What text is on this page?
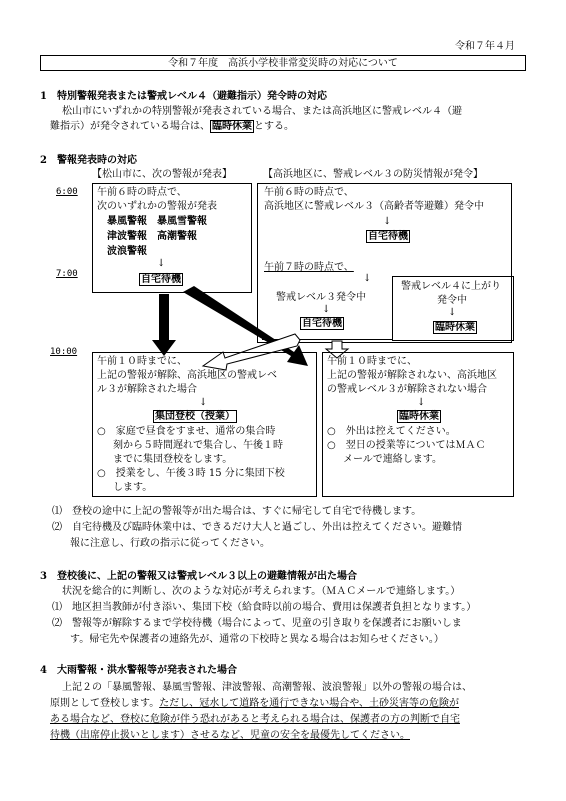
令和７年４月
令和７年度　高浜小学校非常変災時の対応について
1　特別警報発表または警戒レベル４（避難指示）発令時の対応
松山市にいずれかの特別警報が発表されている場合、または高浜地区に警戒レベル４（避
難指示）が発令されている場合は、 臨時休業 とする。
2　警報発表時の対応
【松山市に、次の警報が発表】	【高浜地区に、警戒レベル３の防災情報が発令】
6:00
7:00
10:00
午前６時の時点で、
次のいずれかの警報が発表
暴風警報　暴風雪警報
津波警報　高潮警報
波浪警報
↓
自宅待機
午前６時の時点で、
高浜地区に警戒レベル３（高齢者等避難）発令中
↓
自宅待機
午前７時の時点で、
↓
警戒レベル３発令中
↓
自宅待機
警戒レベル４に上がり
発令中
↓
臨時休業
午前１０時までに、
上記の警報が解除、高浜地区の警戒レベ
ル３が解除された場合
↓
集団登校（授業）
○　家庭で昼食をすませ、通常の集合時
刻から５時間遅れで集合し、午後１時
までに集団登校をします。
○　授業をし、午後３時 15 分に集団下校
します。
午前１０時までに、
上記の警報が解除されない、高浜地区
の警戒レベル３が解除されない場合
↓
臨時休業
○　外出は控えてください。
○　翌日の授業等についてはＭＡＣ
メールで連絡します。
⑴　登校の途中に上記の警報等が出た場合は、すぐに帰宅して自宅で待機します。
⑵　自宅待機及び臨時休業中は、できるだけ大人と過ごし、外出は控えてください。避難情
報に注意し、行政の指示に従ってください。
3　登校後に、上記の警報又は警戒レベル３以上の避難情報が出た場合
状況を総合的に判断し、次のような対応が考えられます。（ＭＡＣメールで連絡します。）
⑴　地区担当教師が付き添い、集団下校（給食時以前の場合、費用は保護者負担となります。）
⑵　警報等が解除するまで学校待機（場合によって、児童の引き取りを保護者にお願いしま
す。帰宅先や保護者の連絡先が、通常の下校時と異なる場合はお知らせください。）
4　大雨警報・洪水警報等が発表された場合
上記２の「暴風警報、暴風雪警報、津波警報、高潮警報、波浪警報」以外の警報の場合は、
原則として登校します。ただし、冠水して道路を通行できない場合や、土砂災害等の危険が
ある場合など、登校に危険が伴う恐れがあると考えられる場合は、保護者の方の判断で自宅
待機（出席停止扱いとします）させるなど、児童の安全を最優先してください。
